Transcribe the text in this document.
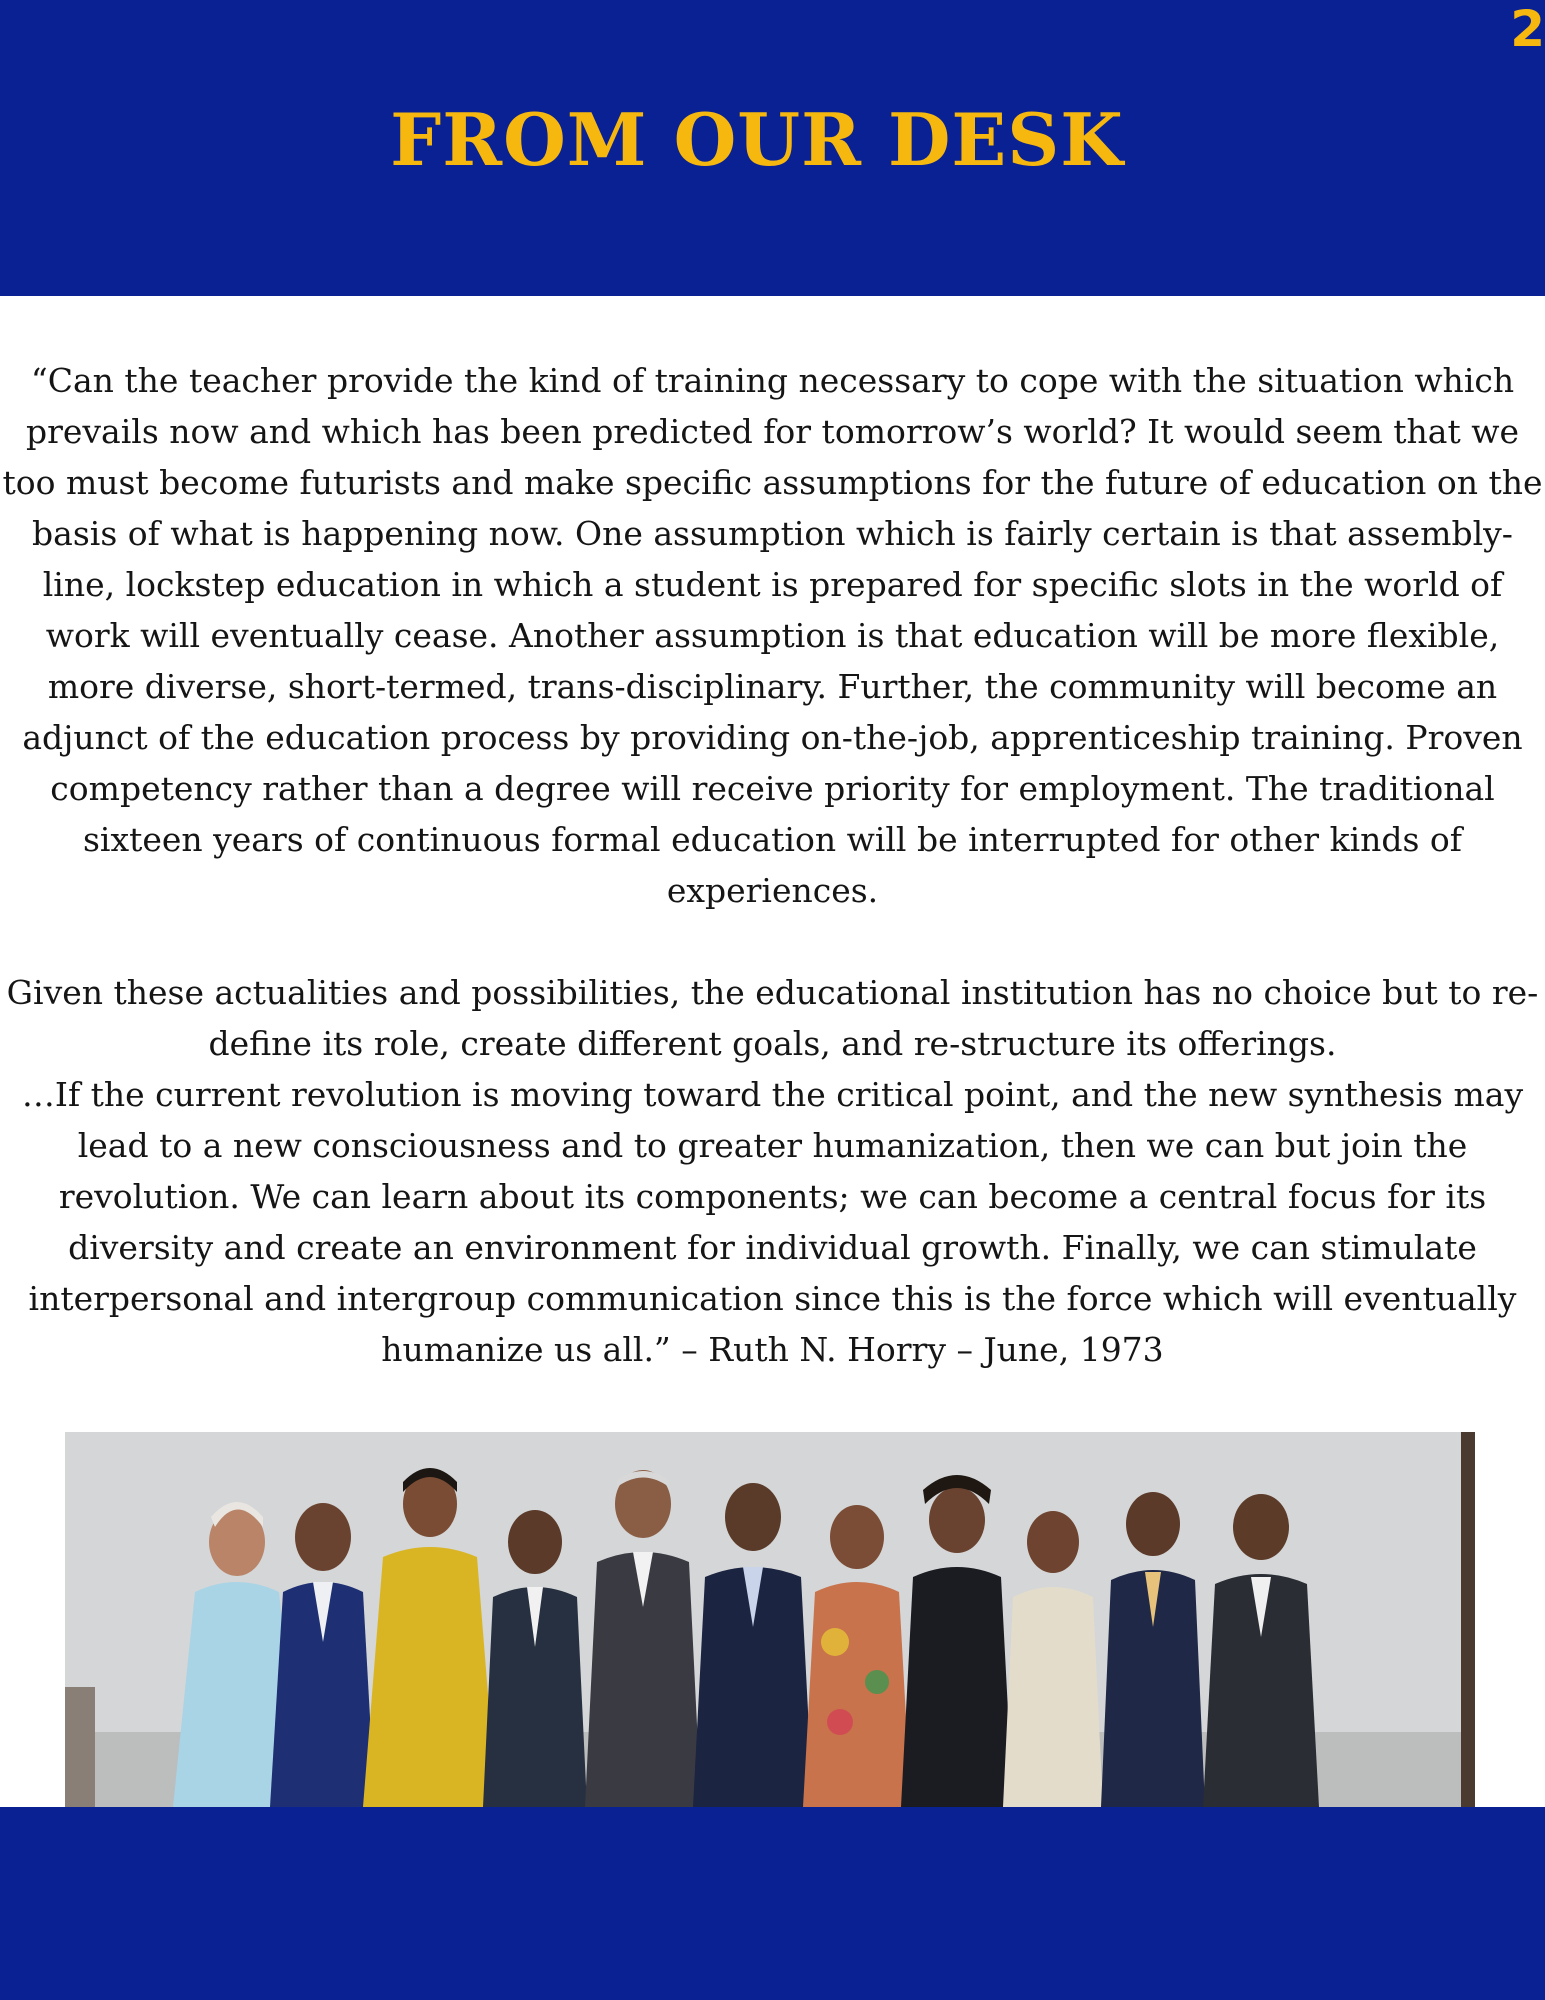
2
FROM OUR DESK

“Can the teacher provide the kind of training necessary to cope with the situation which prevails now and which has been predicted for tomorrow’s world? It would seem that we too must become futurists and make specific assumptions for the future of education on the basis of what is happening now. One assumption which is fairly certain is that assembly-line, lockstep education in which a student is prepared for specific slots in the world of work will eventually cease. Another assumption is that education will be more flexible, more diverse, short-termed, trans-disciplinary. Further, the community will become an adjunct of the education process by providing on-the-job, apprenticeship training. Proven competency rather than a degree will receive priority for employment. The traditional sixteen years of continuous formal education will be interrupted for other kinds of experiences.

Given these actualities and possibilities, the educational institution has no choice but to re-define its role, create different goals, and re-structure its offerings.

…If the current revolution is moving toward the critical point, and the new synthesis may lead to a new consciousness and to greater humanization, then we can but join the revolution. We can learn about its components; we can become a central focus for its diversity and create an environment for individual growth. Finally, we can stimulate interpersonal and intergroup communication since this is the force which will eventually humanize us all.” – Ruth N. Horry – June, 1973
